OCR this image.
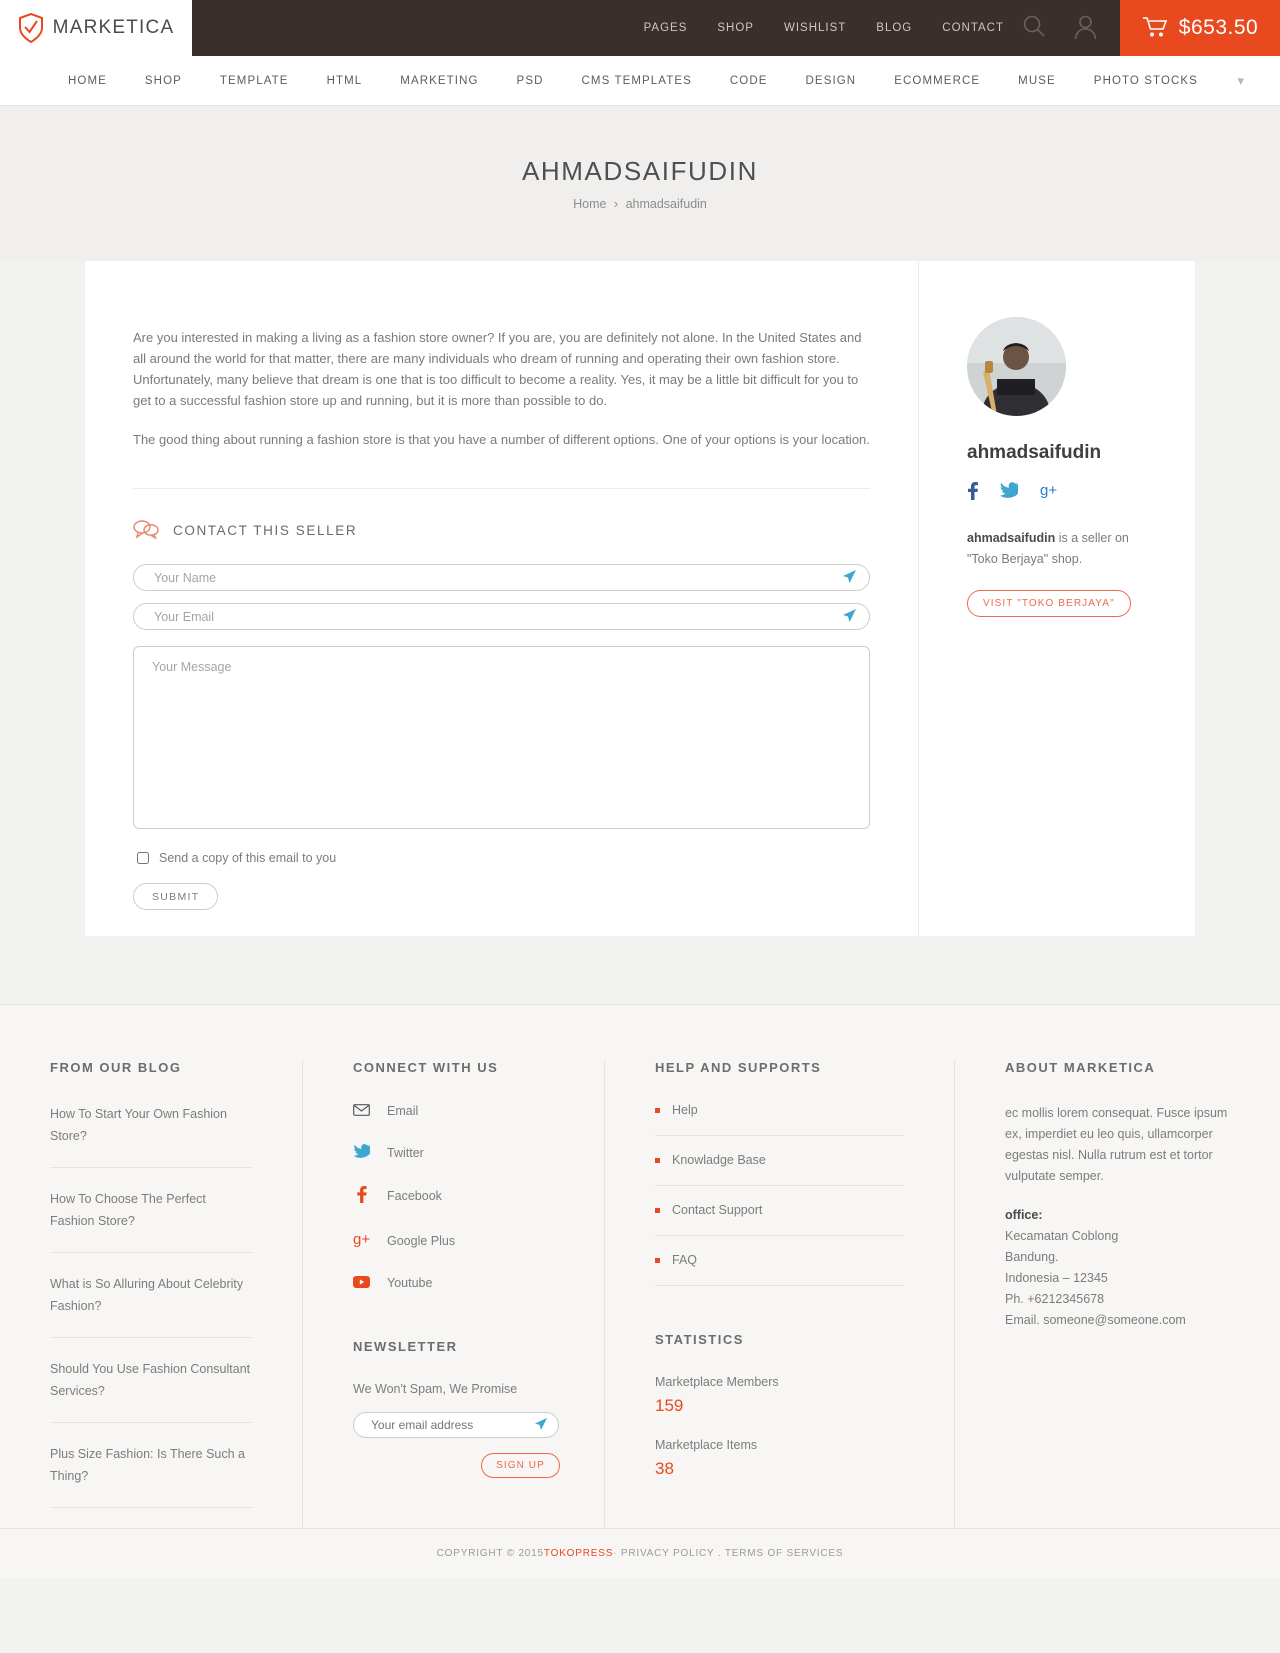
MARKETICA	PAGES	SHOP	WISHLIST	BLOG	CONTACT	$653.50
HOME	SHOP	TEMPLATE	HTML	MARKETING	PSD	CMS TEMPLATES	CODE	DESIGN	ECOMMERCE	MUSE	PHOTO STOCKS	▾

AHMADSAIFUDIN
Home › ahmadsaifudin

Are you interested in making a living as a fashion store owner? If you are, you are definitely not alone. In the United States and all around the world for that matter, there are many individuals who dream of running and operating their own fashion store. Unfortunately, many believe that dream is one that is too difficult to become a reality. Yes, it may be a little bit difficult for you to get to a successful fashion store up and running, but it is more than possible to do.

The good thing about running a fashion store is that you have a number of different options. One of your options is your location.

CONTACT THIS SELLER
Your Name
Your Email
Your Message
Send a copy of this email to you
SUBMIT
ahmadsaifudin
g+
ahmadsaifudin is a seller on "Toko Berjaya" shop.
VISIT "TOKO BERJAYA"
FROM OUR BLOG
How To Start Your Own Fashion Store?
How To Choose The Perfect Fashion Store?
What is So Alluring About Celebrity Fashion?
Should You Use Fashion Consultant Services?
Plus Size Fashion: Is There Such a Thing?
CONNECT WITH US
Email
Twitter
Facebook
g+ Google Plus
Youtube
NEWSLETTER

We Won't Spam, We Promise

Your email address
SIGN UP
HELP AND SUPPORTS
Help
Knowladge Base
Contact Support
FAQ
STATISTICS
Marketplace Members
159
Marketplace Items
38
ABOUT MARKETICA

ec mollis lorem consequat. Fusce ipsum ex, imperdiet eu leo quis, ullamcorper egestas nisl. Nulla rutrum est et tortor vulputate semper.

office:
Kecamatan Coblong
Bandung.
Indonesia – 12345
Ph. +6212345678
Email. someone@someone.com

COPYRIGHT © 2015 TOKOPRESS · PRIVACY POLICY . TERMS OF SERVICES
